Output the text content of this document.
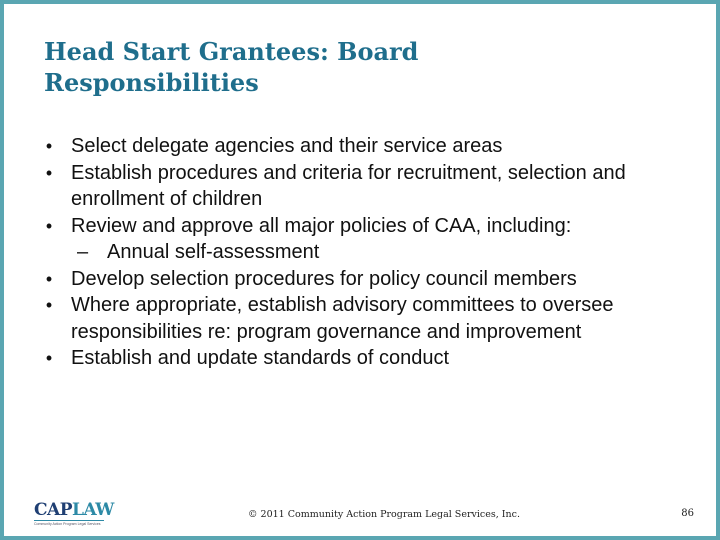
Head Start Grantees: Board
Responsibilities
• Select delegate agencies and their service areas
• Establish procedures and criteria for recruitment, selection and enrollment of children
• Review and approve all major policies of CAA, including:
– Annual self-assessment
• Develop selection procedures for policy council members
• Where appropriate, establish advisory committees to oversee responsibilities re: program governance and improvement
• Establish and update standards of conduct
CAPLAW
Community Action Program Legal Services
© 2011 Community Action Program Legal Services, Inc.	86
